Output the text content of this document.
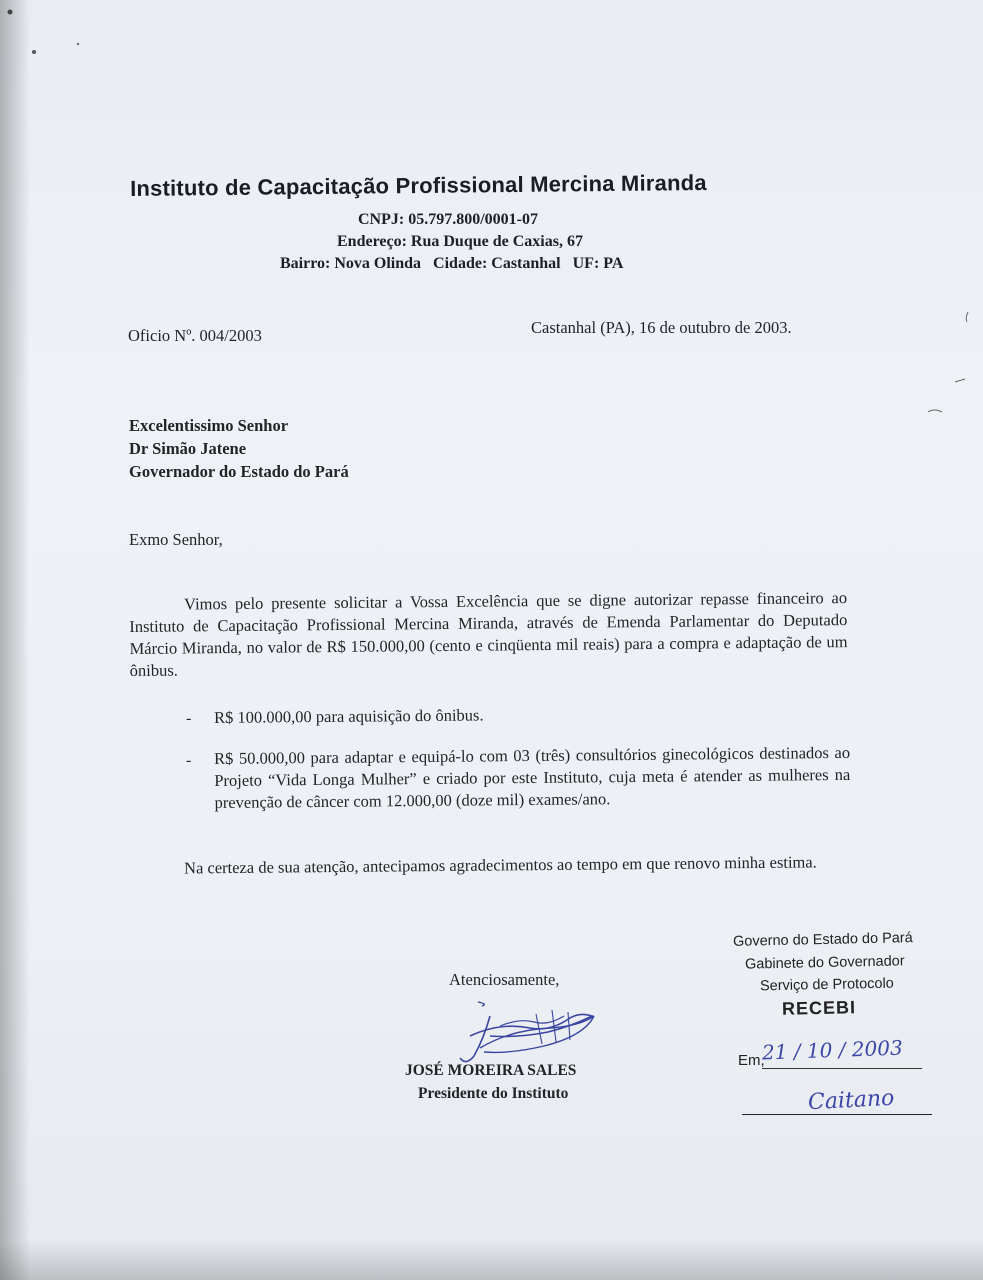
Instituto de Capacitação Profissional Mercina Miranda
CNPJ: 05.797.800/0001-07
Endereço: Rua Duque de Caxias, 67
Bairro: Nova Olinda   Cidade: Castanhal   UF: PA
Oficio Nº. 004/2003	Castanhal (PA), 16 de outubro de 2003.
Excelentissimo Senhor
Dr Simão Jatene
Governador do Estado do Pará
Exmo Senhor,
Vimos pelo presente solicitar a Vossa Excelência que se digne autorizar repasse financeiro ao Instituto de Capacitação Profissional Mercina Miranda, através de Emenda Parlamentar do Deputado Márcio Miranda, no valor de R$ 150.000,00 (cento e cinqüenta mil reais) para a compra e adaptação de um ônibus.
- R$ 100.000,00 para aquisição do ônibus.
- R$ 50.000,00 para adaptar e equipá-lo com 03 (três) consultórios ginecológicos destinados ao Projeto “Vida Longa Mulher” e criado por este Instituto, cuja meta é atender as mulheres na prevenção de câncer com 12.000,00 (doze mil) exames/ano.
Na certeza de sua atenção, antecipamos agradecimentos ao tempo em que renovo minha estima.
Atenciosamente,
JOSÉ MOREIRA SALES
Presidente do Instituto
Governo do Estado do Pará
Gabinete do Governador
Serviço de Protocolo
RECEBI
Em,
21 / 10 / 2003
Caitano
